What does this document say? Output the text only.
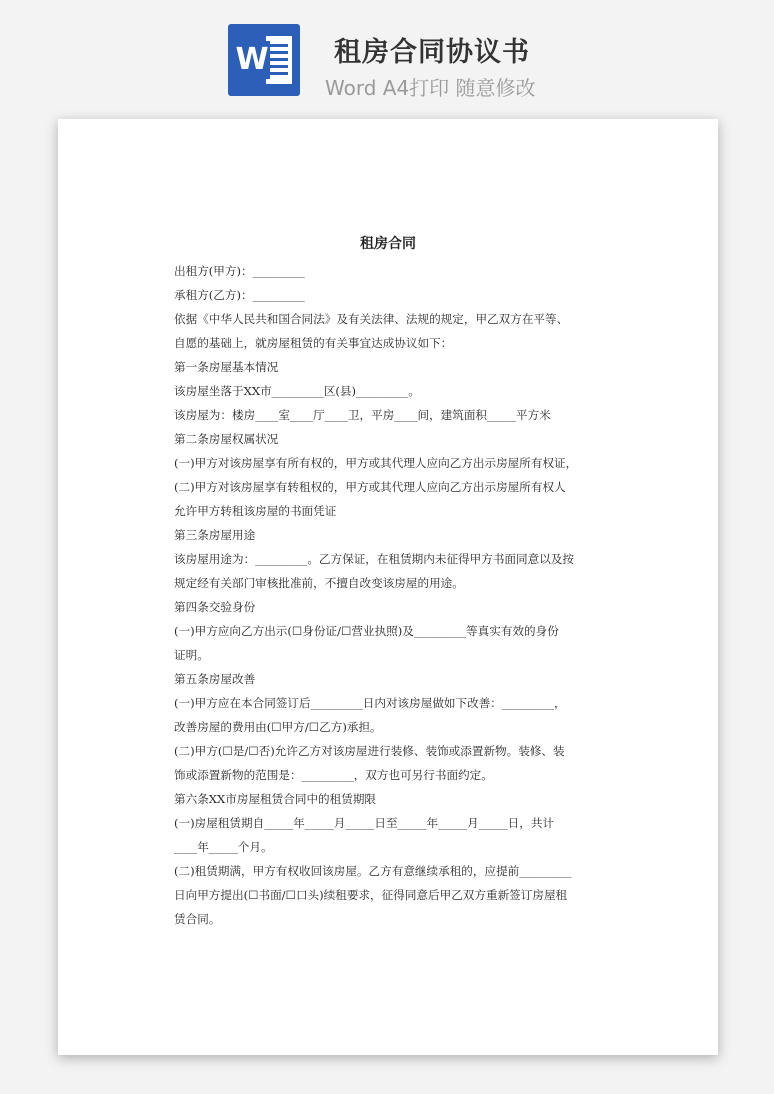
W 租房合同协议书
Word A4打印 随意修改
租房合同

出租方(甲方)：_________

承租方(乙方)：_________

依据《中华人民共和国合同法》及有关法律、法规的规定，甲乙双方在平等、

自愿的基础上，就房屋租赁的有关事宜达成协议如下：

第一条房屋基本情况

该房屋坐落于XX市_________区(县)_________。

该房屋为：楼房____室____厅____卫，平房____间，建筑面积_____平方米

第二条房屋权属状况

(一)甲方对该房屋享有所有权的，甲方或其代理人应向乙方出示房屋所有权证，

(二)甲方对该房屋享有转租权的，甲方或其代理人应向乙方出示房屋所有权人

允许甲方转租该房屋的书面凭证

第三条房屋用途

该房屋用途为：_________。乙方保证，在租赁期内未征得甲方书面同意以及按

规定经有关部门审核批准前，不擅自改变该房屋的用途。

第四条交验身份

(一)甲方应向乙方出示(☐身份证/☐营业执照)及_________等真实有效的身份

证明。

第五条房屋改善

(一)甲方应在本合同签订后_________日内对该房屋做如下改善：_________，

改善房屋的费用由(☐甲方/☐乙方)承担。

(二)甲方(☐是/☐否)允许乙方对该房屋进行装修、装饰或添置新物。装修、装

饰或添置新物的范围是：_________，双方也可另行书面约定。

第六条XX市房屋租赁合同中的租赁期限

(一)房屋租赁期自_____年_____月_____日至_____年_____月_____日，共计

____年_____个月。

(二)租赁期满，甲方有权收回该房屋。乙方有意继续承租的，应提前_________

日向甲方提出(☐书面/☐口头)续租要求，征得同意后甲乙双方重新签订房屋租

赁合同。
